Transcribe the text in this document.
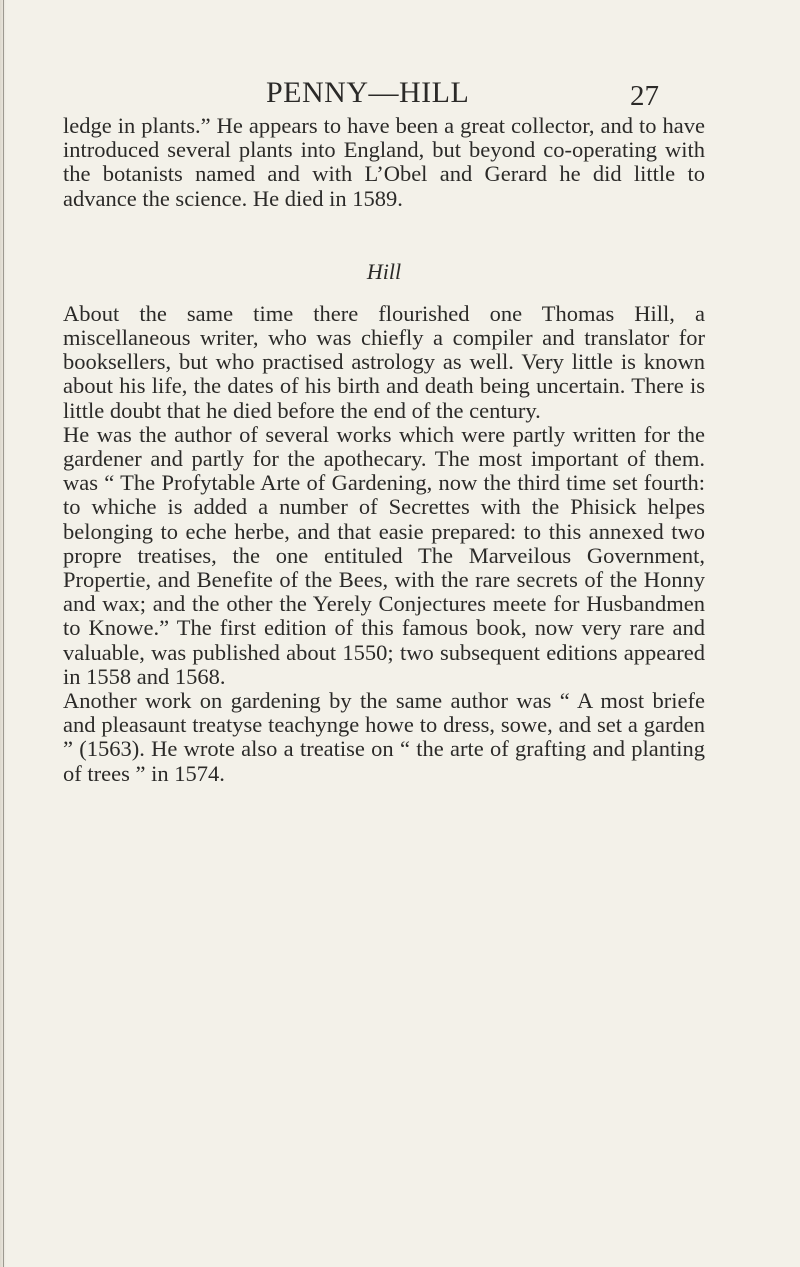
PENNY—HILL	27

ledge in plants.” He appears to have been a great collector, and to have introduced several plants into England, but beyond co-operating with the botanists named and with L’Obel and Gerard he did little to advance the science. He died in 1589.

Hill

About the same time there flourished one Thomas Hill, a miscellaneous writer, who was chiefly a compiler and translator for booksellers, but who practised astrology as well. Very little is known about his life, the dates of his birth and death being uncertain. There is little doubt that he died before the end of the century.

He was the author of several works which were partly written for the gardener and partly for the apothecary. The most important of them. was “ The Profytable Arte of Gardening, now the third time set fourth: to whiche is added a number of Secrettes with the Phisick helpes belonging to eche herbe, and that easie prepared: to this annexed two propre treatises, the one entituled The Marveilous Government, Propertie, and Benefite of the Bees, with the rare secrets of the Honny and wax; and the other the Yerely Conjectures meete for Husbandmen to Knowe.” The first edition of this famous book, now very rare and valuable, was published about 1550; two subsequent editions appeared in 1558 and 1568.

Another work on gardening by the same author was “ A most briefe and pleasaunt treatyse teachynge howe to dress, sowe, and set a garden ” (1563). He wrote also a treatise on “ the arte of grafting and planting of trees ” in 1574.
